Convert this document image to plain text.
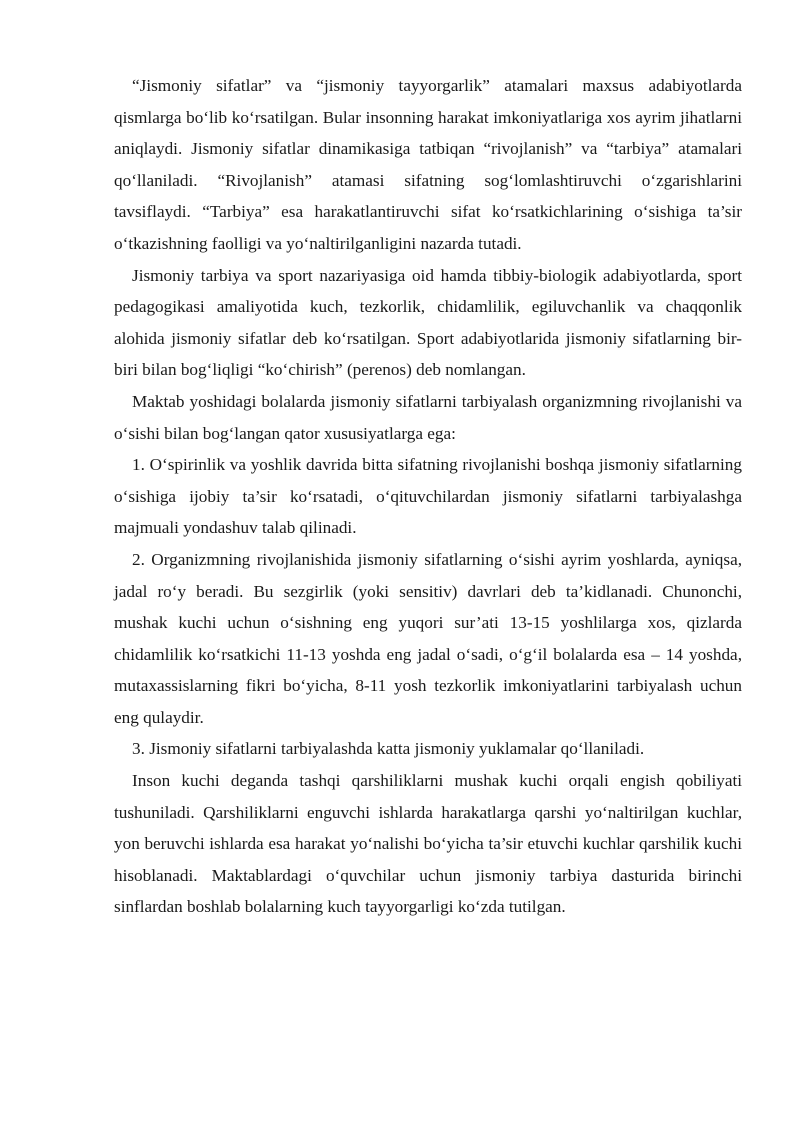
“Jismoniy sifatlar” va “jismoniy tayyorgarlik” atamalari maxsus adabiyotlarda qismlarga bo‘lib ko‘rsatilgan. Bular insonning harakat imkoniyatlariga xos ayrim jihatlarni aniqlaydi. Jismoniy sifatlar dinamikasiga tatbiqan “rivojlanish” va “tarbiya” atamalari qo‘llaniladi. “Rivojlanish” atamasi sifatning sog‘lomlashtiruvchi o‘zgarishlarini tavsiflaydi. “Tarbiya” esa harakatlantiruvchi sifat ko‘rsatkichlarining o‘sishiga ta’sir o‘tkazishning faolligi va yo‘naltirilganligini nazarda tutadi.

Jismoniy tarbiya va sport nazariyasiga oid hamda tibbiy-biologik adabiyotlarda, sport pedagogikasi amaliyotida kuch, tezkorlik, chidamlilik, egiluvchanlik va chaqqonlik alohida jismoniy sifatlar deb ko‘rsatilgan. Sport adabiyotlarida jismoniy sifatlarning bir-biri bilan bog‘liqligi “ko‘chirish” (perenos) deb nomlangan.

Maktab yoshidagi bolalarda jismoniy sifatlarni tarbiyalash organizmning rivojlanishi va o‘sishi bilan bog‘langan qator xususiyatlarga ega:

1. O‘spirinlik va yoshlik davrida bitta sifatning rivojlanishi boshqa jismoniy sifatlarning o‘sishiga ijobiy ta’sir ko‘rsatadi, o‘qituvchilardan jismoniy sifatlarni tarbiyalashga majmuali yondashuv talab qilinadi.

2. Organizmning rivojlanishida jismoniy sifatlarning o‘sishi ayrim yoshlarda, ayniqsa, jadal ro‘y beradi. Bu sezgirlik (yoki sensitiv) davrlari deb ta’kidlanadi. Chunonchi, mushak kuchi uchun o‘sishning eng yuqori sur’ati 13-15 yoshlilarga xos, qizlarda chidamlilik ko‘rsatkichi 11-13 yoshda eng jadal o‘sadi, o‘g‘il bolalarda esa – 14 yoshda, mutaxassislarning fikri bo‘yicha, 8-11 yosh tezkorlik imkoniyatlarini tarbiyalash uchun eng qulaydir.

3. Jismoniy sifatlarni tarbiyalashda katta jismoniy yuklamalar qo‘llaniladi.

Inson kuchi deganda tashqi qarshiliklarni mushak kuchi orqali engish qobiliyati tushuniladi. Qarshiliklarni enguvchi ishlarda harakatlarga qarshi yo‘naltirilgan kuchlar, yon beruvchi ishlarda esa harakat yo‘nalishi bo‘yicha ta’sir etuvchi kuchlar qarshilik kuchi hisoblanadi. Maktablardagi o‘quvchilar uchun jismoniy tarbiya dasturida birinchi sinflardan boshlab bolalarning kuch tayyorgarligi ko‘zda tutilgan.
